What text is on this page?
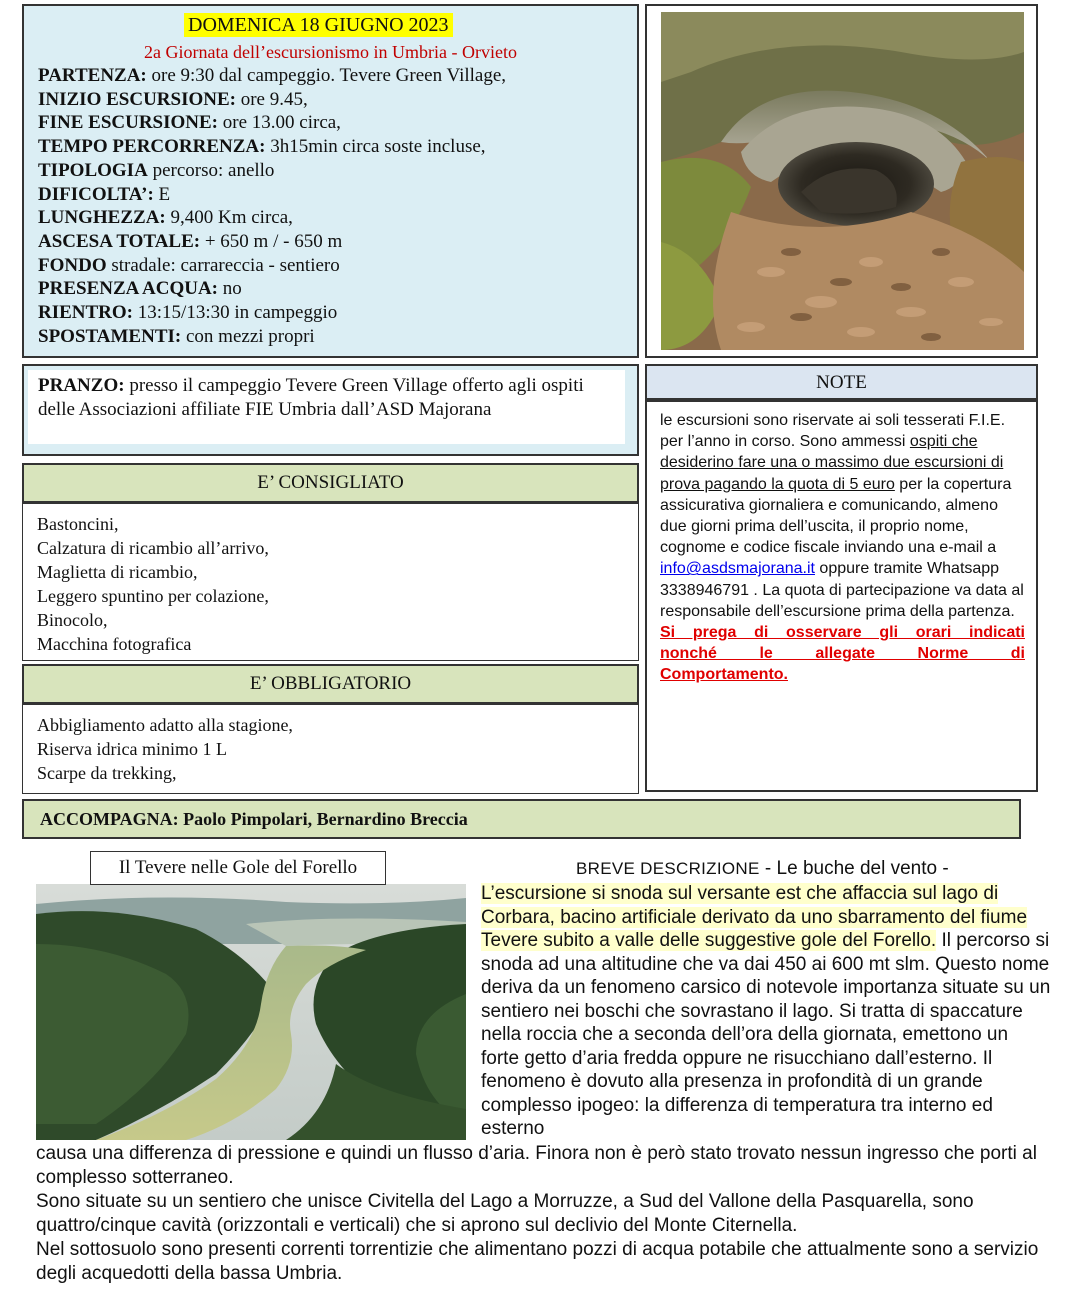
DOMENICA 18 GIUGNO 2023
2a Giornata dell’escursionismo in Umbria - Orvieto
PARTENZA: ore 9:30 dal campeggio. Tevere Green Village,
INIZIO ESCURSIONE: ore 9.45,
FINE ESCURSIONE: ore 13.00 circa,
TEMPO PERCORRENZA: 3h15min circa soste incluse,
TIPOLOGIA percorso: anello
DIFICOLTA’: E
LUNGHEZZA: 9,400 Km circa,
ASCESA TOTALE: + 650 m / - 650 m
FONDO stradale: carrareccia - sentiero
PRESENZA ACQUA: no
RIENTRO: 13:15/13:30 in campeggio
SPOSTAMENTI: con mezzi propri
PRANZO: presso il campeggio Tevere Green Village offerto agli ospiti delle Associazioni affiliate FIE Umbria dall’ASD Majorana
E’ CONSIGLIATO
Bastoncini,
Calzatura di ricambio all’arrivo,
Maglietta di ricambio,
Leggero spuntino per colazione,
Binocolo,
Macchina fotografica
E’ OBBLIGATORIO
Abbigliamento adatto alla stagione,
Riserva idrica minimo 1 L
Scarpe da trekking,
NOTE
le escursioni sono riservate ai soli tesserati F.I.E. per l’anno in corso. Sono ammessi ospiti che desiderino fare una o massimo due escursioni di prova pagando la quota di 5 euro per la copertura assicurativa giornaliera e comunicando, almeno due giorni prima dell’uscita, il proprio nome, cognome e codice fiscale inviando una e-mail a info@asdsmajorana.it oppure tramite Whatsapp 3338946791 . La quota di partecipazione va data al responsabile dell’escursione prima della partenza.
Si prega di osservare gli orari indicati
nonché le allegate Norme di
Comportamento.
ACCOMPAGNA: Paolo Pimpolari, Bernardino Breccia
Il Tevere nelle Gole del Forello	BREVE DESCRIZIONE - Le buche del vento -
L’escursione si snoda sul versante est che affaccia sul lago di Corbara, bacino artificiale derivato da uno sbarramento del fiume Tevere subito a valle delle suggestive gole del Forello. Il percorso si snoda ad una altitudine che va dai 450 ai 600 mt slm. Questo nome deriva da un fenomeno carsico di notevole importanza situate su un sentiero nei boschi che sovrastano il lago. Si tratta di spaccature nella roccia che a seconda dell’ora della giornata, emettono un forte getto d’aria fredda oppure ne risucchiano dall’esterno. Il fenomeno è dovuto alla presenza in profondità di un grande complesso ipogeo: la differenza di temperatura tra interno ed esterno
causa una differenza di pressione e quindi un flusso d’aria. Finora non è però stato trovato nessun ingresso che porti al complesso sotterraneo.
Sono situate su un sentiero che unisce Civitella del Lago a Morruzze, a Sud del Vallone della Pasquarella, sono quattro/cinque cavità (orizzontali e verticali) che si aprono sul declivio del Monte Citernella.
Nel sottosuolo sono presenti correnti torrentizie che alimentano pozzi di acqua potabile che attualmente sono a servizio degli acquedotti della bassa Umbria.
